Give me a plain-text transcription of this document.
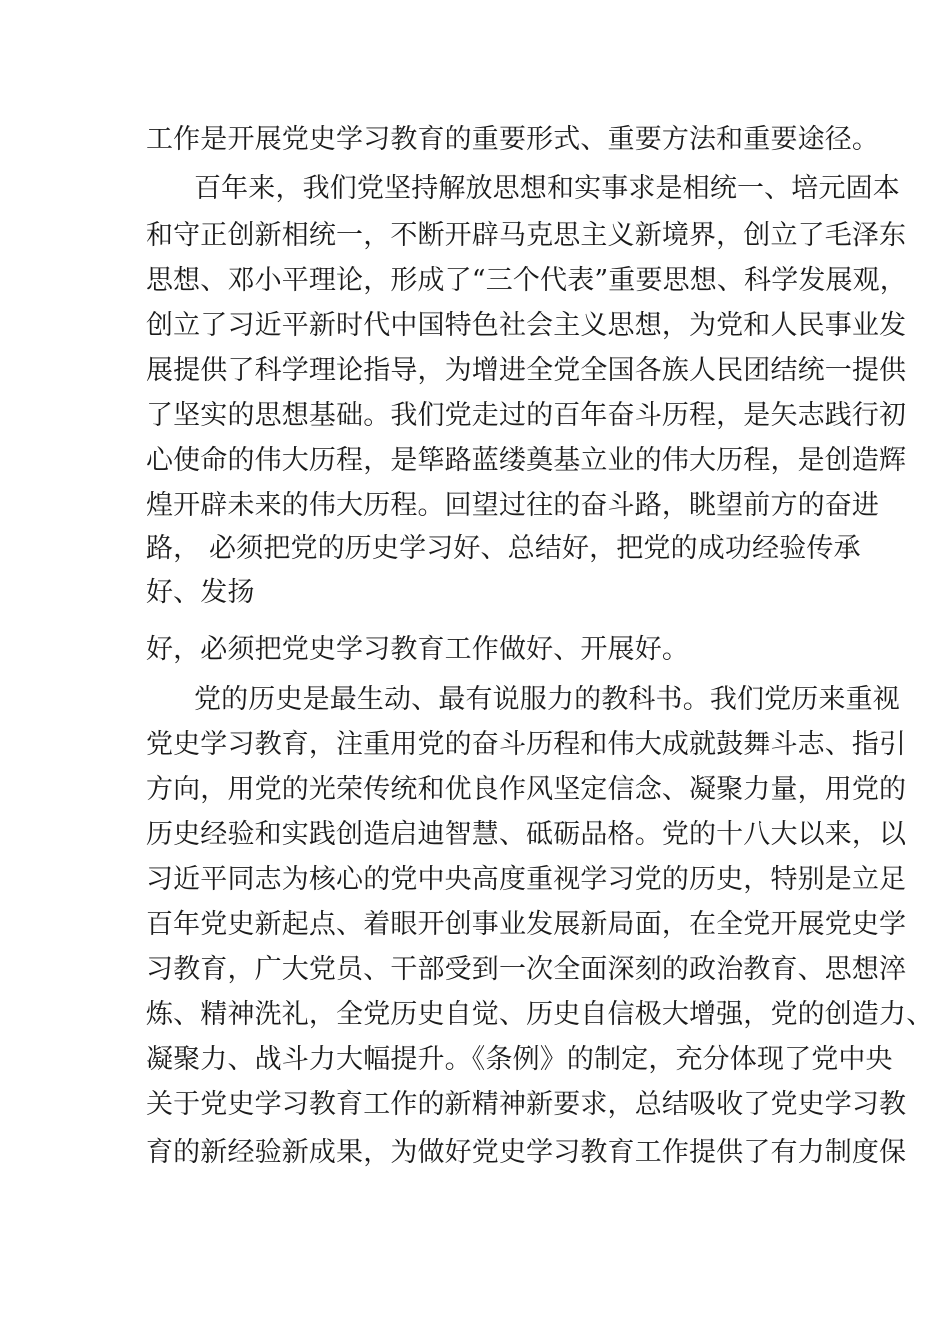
工作是开展党史学习教育的重要形式、重要方法和重要途径。
百年来，我们党坚持解放思想和实事求是相统一、培元固本
和守正创新相统一，不断开辟马克思主义新境界，创立了毛泽东
思想、邓小平理论，形成了“三个代表”重要思想、科学发展观，
创立了习近平新时代中国特色社会主义思想，为党和人民事业发
展提供了科学理论指导，为增进全党全国各族人民团结统一提供
了坚实的思想基础。我们党走过的百年奋斗历程，是矢志践行初
心使命的伟大历程，是筚路蓝缕奠基立业的伟大历程，是创造辉
煌开辟未来的伟大历程。回望过往的奋斗路，眺望前方的奋进
路， 必须把党的历史学习好、总结好，把党的成功经验传承
好、发扬
好，必须把党史学习教育工作做好、开展好。
党的历史是最生动、最有说服力的教科书。我们党历来重视
党史学习教育，注重用党的奋斗历程和伟大成就鼓舞斗志、指引
方向，用党的光荣传统和优良作风坚定信念、凝聚力量，用党的
历史经验和实践创造启迪智慧、砥砺品格。党的十八大以来，以
习近平同志为核心的党中央高度重视学习党的历史，特别是立足
百年党史新起点、着眼开创事业发展新局面，在全党开展党史学
习教育，广大党员、干部受到一次全面深刻的政治教育、思想淬
炼、精神洗礼，全党历史自觉、历史自信极大增强，党的创造力、
凝聚力、战斗力大幅提升。《条例》的制定，充分体现了党中央
关于党史学习教育工作的新精神新要求，总结吸收了党史学习教
育的新经验新成果，为做好党史学习教育工作提供了有力制度保
